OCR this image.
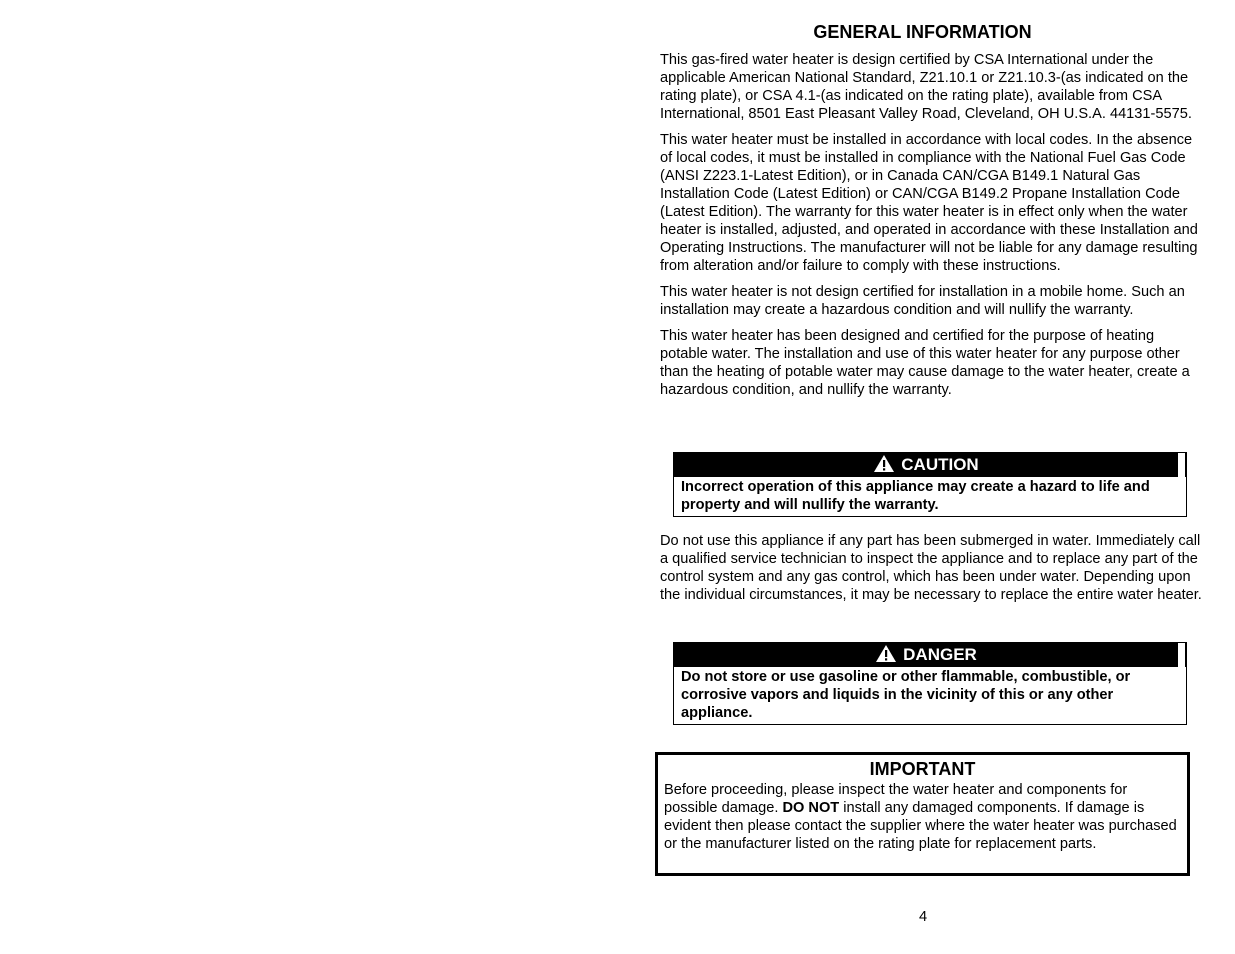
GENERAL INFORMATION

This gas-fired water heater is design certified by CSA International under the applicable American National Standard, Z21.10.1 or Z21.10.3-(as indicated on the rating plate), or CSA 4.1-(as indicated on the rating plate), available from CSA International, 8501 East Pleasant Valley Road, Cleveland, OH U.S.A. 44131-5575.

This water heater must be installed in accordance with local codes. In the absence of local codes, it must be installed in compliance with the National Fuel Gas Code (ANSI Z223.1-Latest Edition), or in Canada CAN/CGA B149.1 Natural Gas Installation Code (Latest Edition) or CAN/CGA B149.2 Propane Installation Code (Latest Edition). The warranty for this water heater is in effect only when the water heater is installed, adjusted, and operated in accordance with these Installation and Operating Instructions. The manufacturer will not be liable for any damage resulting from alteration and/or failure to comply with these instructions.

This water heater is not design certified for installation in a mobile home. Such an installation may create a hazardous condition and will nullify the warranty.

This water heater has been designed and certified for the purpose of heating potable water. The installation and use of this water heater for any purpose other than the heating of potable water may cause damage to the water heater, create a hazardous condition, and nullify the warranty.

CAUTION
Incorrect operation of this appliance may create a hazard to life and property and will nullify the warranty.

Do not use this appliance if any part has been submerged in water. Immediately call a qualified service technician to inspect the appliance and to replace any part of the control system and any gas control, which has been under water. Depending upon the individual circumstances, it may be necessary to replace the entire water heater.

DANGER
Do not store or use gasoline or other flammable, combustible, or corrosive vapors and liquids in the vicinity of this or any other appliance.
IMPORTANT
Before proceeding, please inspect the water heater and components for possible damage. DO NOT install any damaged components. If damage is evident then please contact the supplier where the water heater was purchased or the manufacturer listed on the rating plate for replacement parts.
4
